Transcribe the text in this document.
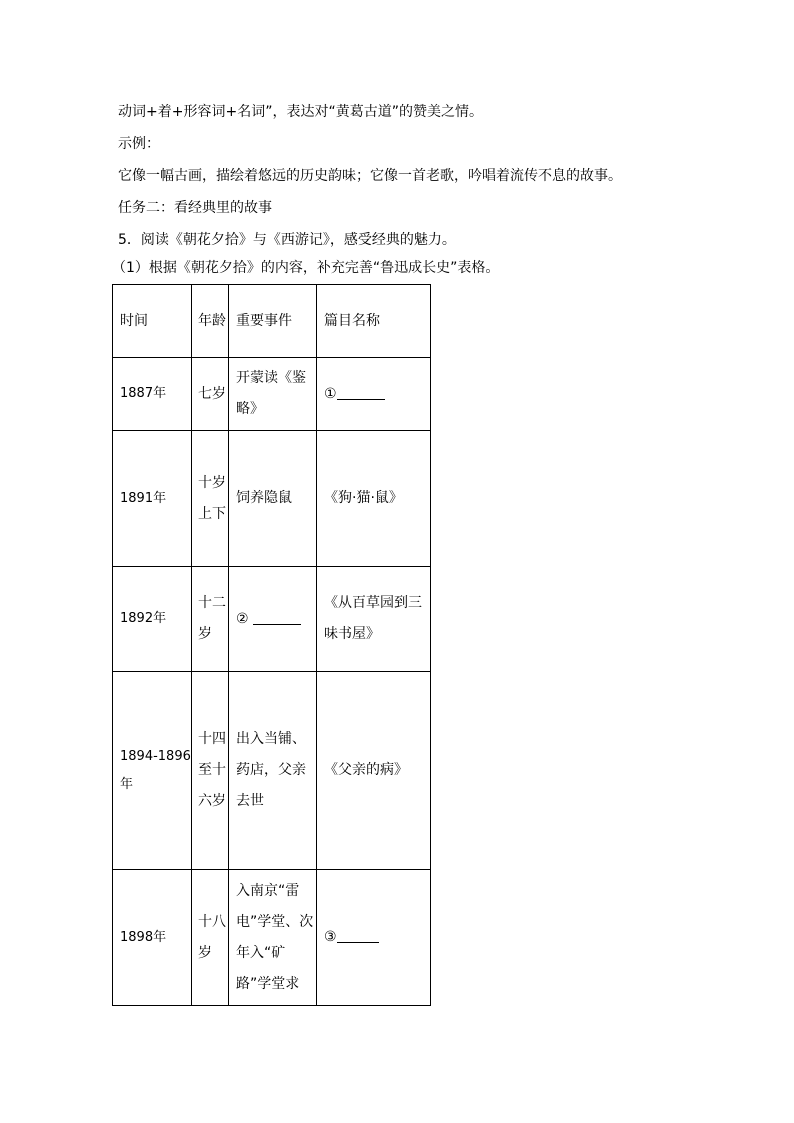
动词+着+形容词+名词”，表达对“黄葛古道”的赞美之情。
示例：
它像一幅古画，描绘着悠远的历史韵味；它像一首老歌，吟唱着流传不息的故事。
任务二：看经典里的故事
5．阅读《朝花夕拾》与《西游记》，感受经典的魅力。
（1）根据《朝花夕拾》的内容，补充完善“鲁迅成长史”表格。
时间	年龄	重要事件	篇目名称
1887年	七岁	开蒙读《鉴略》	①
1891年	十岁上下	饲养隐鼠	《狗·猫·鼠》
1892年	十二岁	②	《从百草园到三味书屋》
1894-1896年	十四至十六岁	出入当铺、药店，父亲去世	《父亲的病》
1898年	十八岁	入南京“雷电”学堂、次年入“矿路”学堂求	③
